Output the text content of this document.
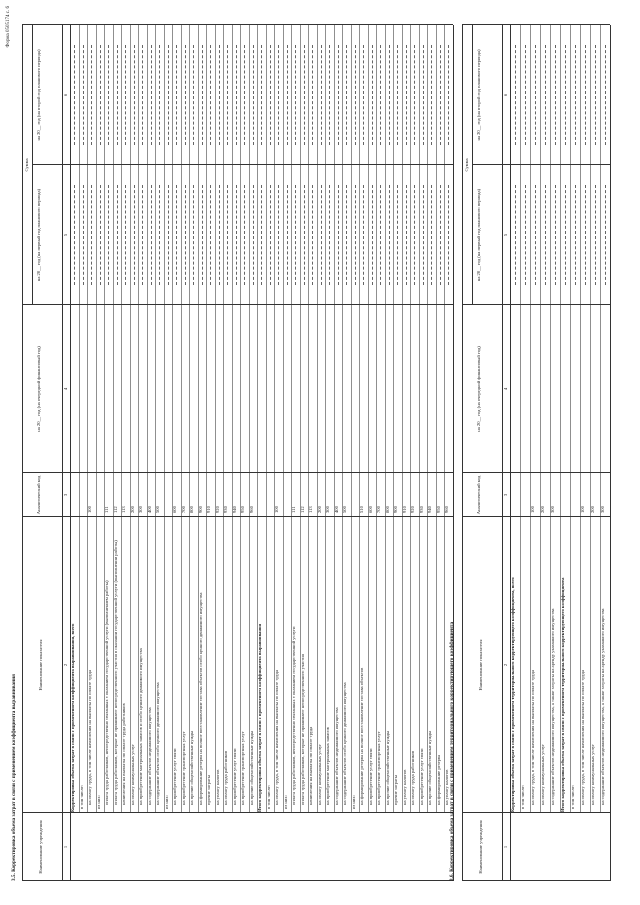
Форма 0505174 с. 6
3.5. Корректировка объема затрат в связи с применением коэффициента выравнивания	Наименование учреждения
Наименование показателя
Аналитический код
Сумма
на 20__ год (на очередной финансовый год)
на 20__ год (на первый год планового периода)
на 20__ год (на второй год планового периода)
1
2
3
4
5
6
Корректировка объема затрат в связи с применением коэффициента выравнивания, всего в том числе: на оплату труда, в том числе начисления на выплаты по оплате труда
100
из них: оплата труда работников, непосредственно связанных с оказанием государственной услуги (выполнением работы)
111
оплата труда работников, которые не принимают непосредственного участия в оказании государственной услуги (выполнении работы)
112
начисления на выплаты по оплате труда работников
113
на оплату коммунальных услуг
200
на приобретение материальных запасов и особо ценного движимого имущества
300
на содержание объектов недвижимого имущества
400
на содержание объектов особо ценного движимого имущества
500
из них: на приобретение услуг связи
600
на приобретение транспортных услуг
700
на прочие общехозяйственные нужды
800
на формирование резерва на полное восстановление состава объектов особо ценного движимого имущества
900
прочие затраты
910
на уплату налогов
920
на оплату труда работников
930
на приобретение услуг связи
940
на приобретение транспортных услуг
950
на прочие общехозяйственные нужды
960
Итого корректировка объема затрат в связи с применением коэффициента выравнивания в том числе: на оплату труда, в том числе начисления на выплаты по оплате труда
100
из них: оплата труда работников, непосредственно связанных с оказанием государственной услуги
111
оплата труда работников, которые не принимают непосредственного участия
112
начисления на выплаты по оплате труда
113
на оплату коммунальных услуг
200
на приобретение материальных запасов
300
на содержание объектов недвижимого имущества
400
на содержание объектов особо ценного движимого имущества
500
из них: на формирование резерва на полное восстановление состава объектов
510
на приобретение услуг связи
600
на приобретение транспортных услуг
700
на прочие общехозяйственные нужды
800
прочие затраты
900
на уплату налогов
910
на оплату труда работников
920
на приобретение услуг связи
930
на прочие общехозяйственные нужды
940
на формирование резерва
950
на уплату налогов
960
3.6. Корректировка объема затрат в связи с применением территориального корректирующего коэффициента	Наименование учреждения
Наименование показателя
Аналитический код
Сумма
на 20__ год (на очередной финансовый год)
на 20__ год (на первый год планового периода)
на 20__ год (на второй год планового периода)
1
2
3
4
5
6
Корректировка объема затрат в связи с применением территориального корректирующего коэффициента, всего в том числе: на оплату труда, в том числе начисления на выплаты по оплате труда
100
на оплату коммунальных услуг
200
на содержание объектов недвижимого имущества, а также затраты на аренду указанного имущества
300
Итого корректировка объема затрат в связи с применением территориального корректирующего коэффициента в том числе: на оплату труда, в том числе начисления на выплаты по оплате труда
100
на оплату коммунальных услуг
200
на содержание объектов недвижимого имущества, а также затраты на аренду указанного имущества
300
